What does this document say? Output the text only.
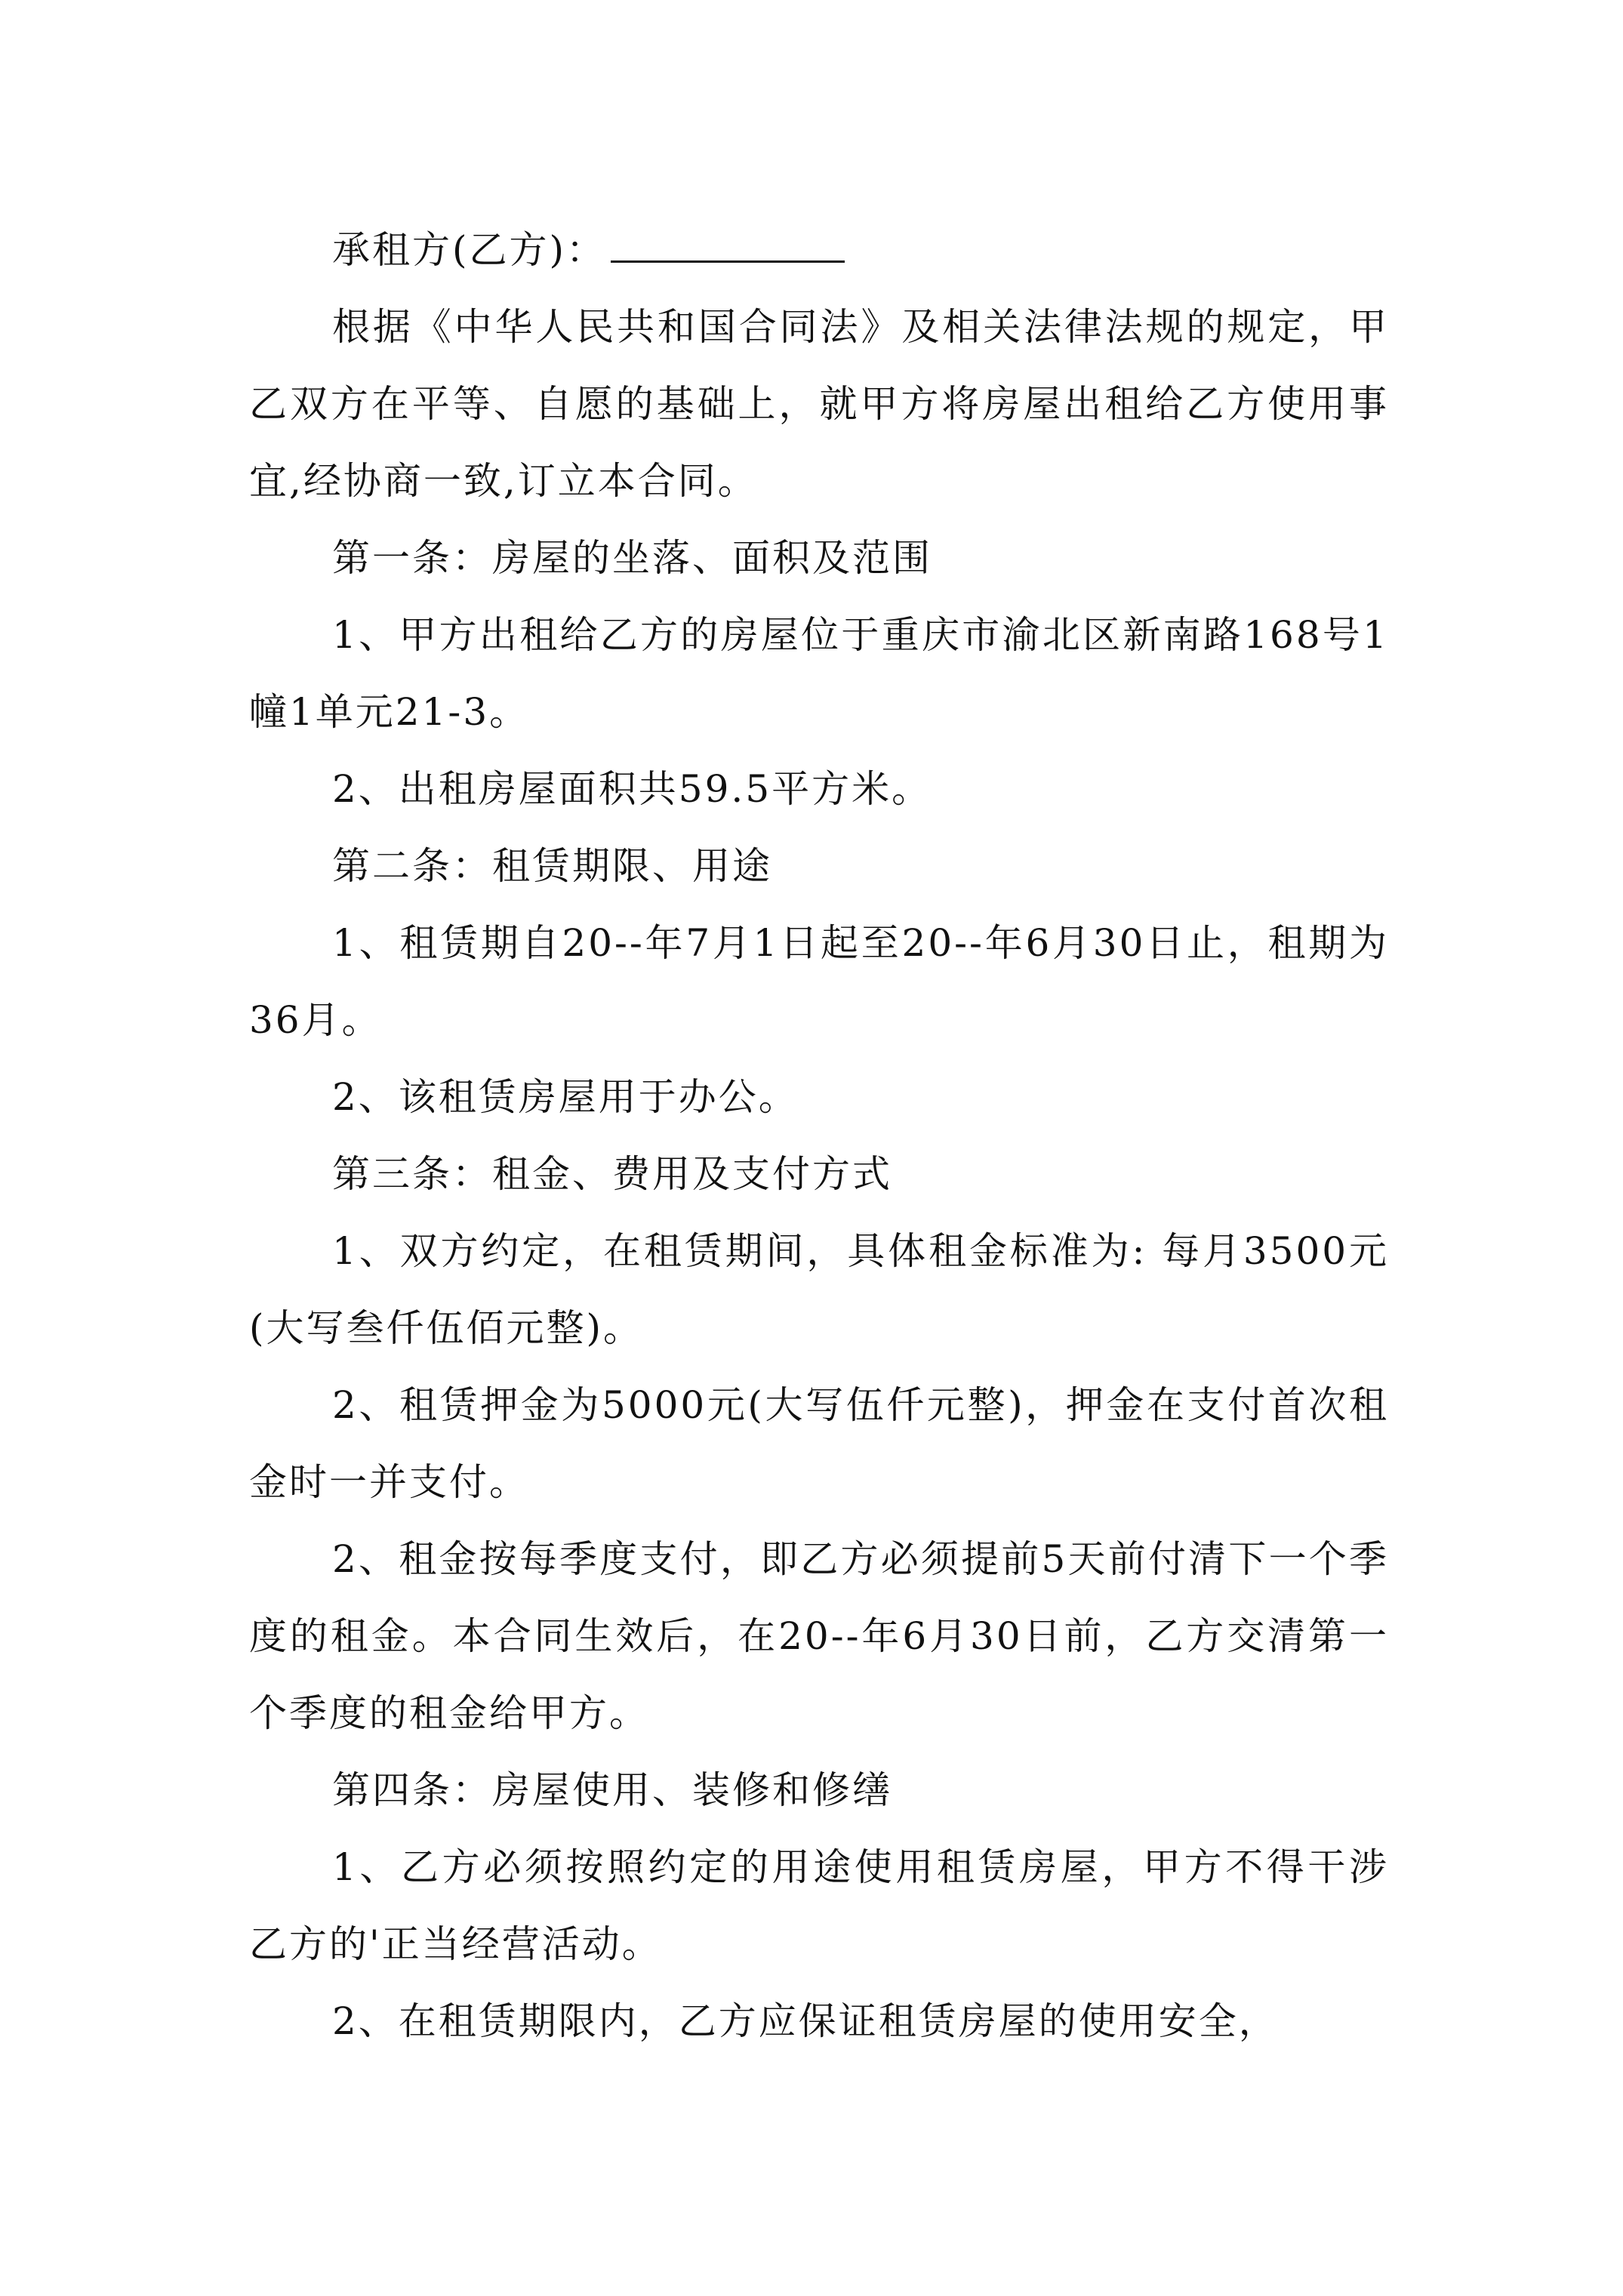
承租方(乙方)：

根据《中华人民共和国合同法》及相关法律法规的规定，甲乙双方在平等、自愿的基础上，就甲方将房屋出租给乙方使用事宜,经协商一致,订立本合同。

第一条：房屋的坐落、面积及范围

1、甲方出租给乙方的房屋位于重庆市渝北区新南路168号1幢1单元21-3。

2、出租房屋面积共59.5平方米。

第二条：租赁期限、用途

1、租赁期自20--年7月1日起至20--年6月30日止，租期为36月。

2、该租赁房屋用于办公。

第三条：租金、费用及支付方式

1、双方约定，在租赁期间，具体租金标准为: 每月3500元(大写叁仟伍佰元整)。

2、租赁押金为5000元(大写伍仟元整)，押金在支付首次租金时一并支付。

2、租金按每季度支付，即乙方必须提前5天前付清下一个季度的租金。本合同生效后，在20--年6月30日前，乙方交清第一个季度的租金给甲方。

第四条：房屋使用、装修和修缮

1、乙方必须按照约定的用途使用租赁房屋，甲方不得干涉乙方的'正当经营活动。

2、在租赁期限内，乙方应保证租赁房屋的使用安全，
